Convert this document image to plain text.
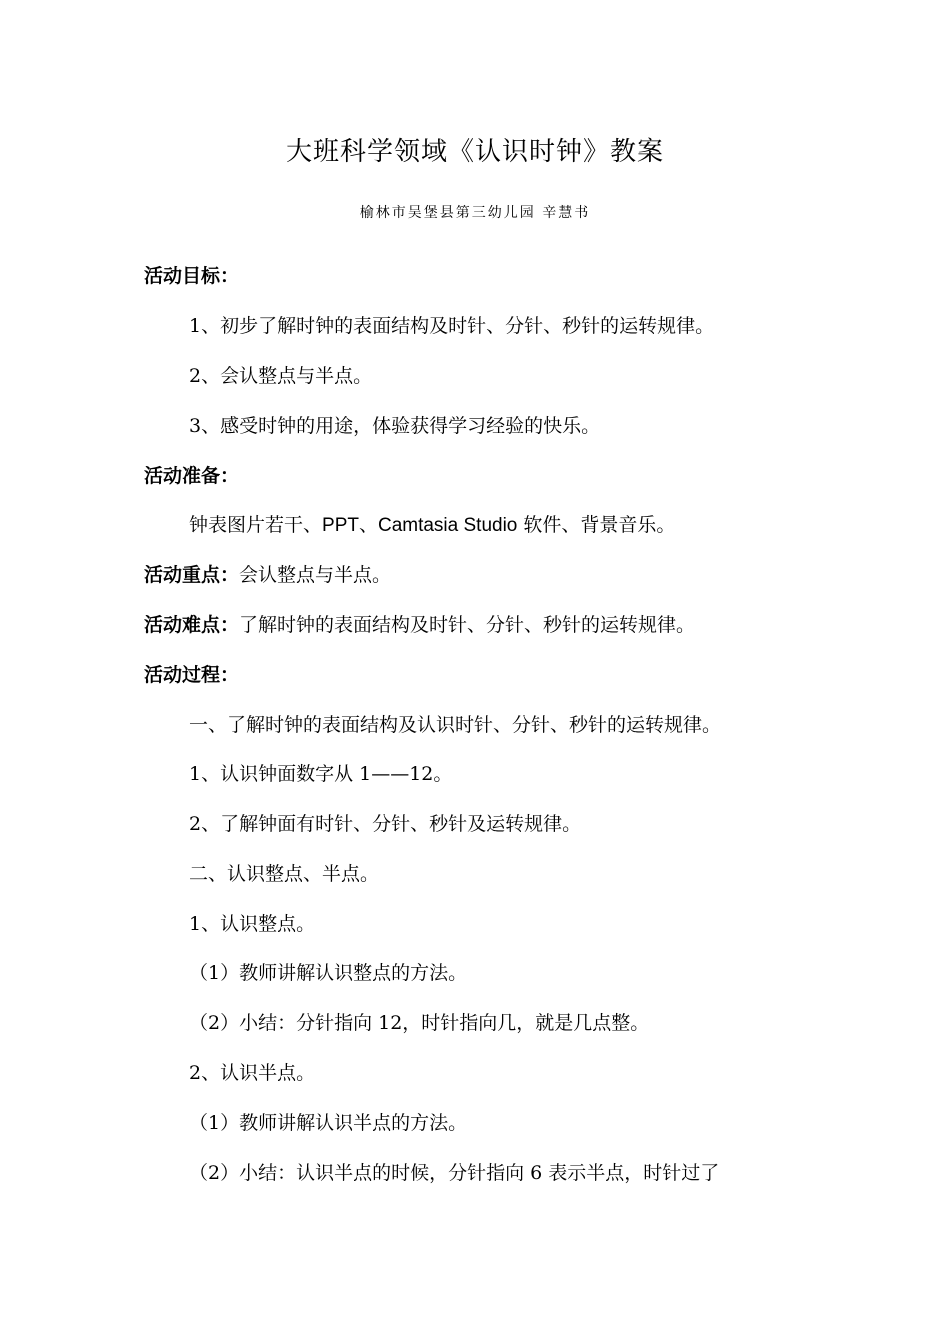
大班科学领域《认识时钟》教案
榆林市吴堡县第三幼儿园 辛慧书
活动目标：
1、初步了解时钟的表面结构及时针、分针、秒针的运转规律。
2、会认整点与半点。
3、感受时钟的用途，体验获得学习经验的快乐。
活动准备：
钟表图片若干、PPT、Camtasia Studio 软件、背景音乐。
活动重点：会认整点与半点。
活动难点：了解时钟的表面结构及时针、分针、秒针的运转规律。
活动过程：
一、了解时钟的表面结构及认识时针、分针、秒针的运转规律。
1、认识钟面数字从 1——12。
2、了解钟面有时针、分针、秒针及运转规律。
二、认识整点、半点。
1、认识整点。
（1）教师讲解认识整点的方法。
（2）小结：分针指向 12，时针指向几，就是几点整。
2、认识半点。
（1）教师讲解认识半点的方法。
（2）小结：认识半点的时候，分针指向 6 表示半点，时针过了
